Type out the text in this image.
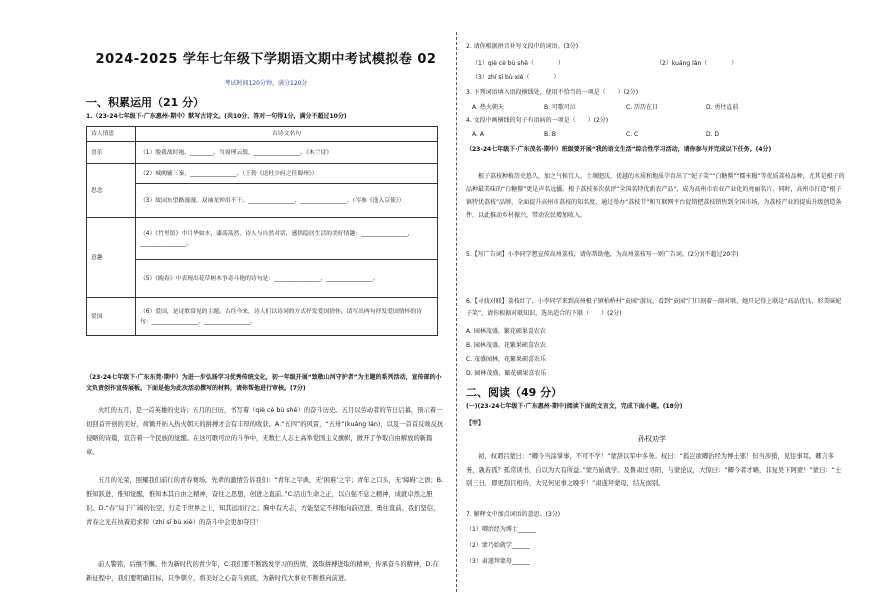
2024-2025 学年七年级下学期语文期中考试模拟卷 02
考试时间120分钟，满分120分
一、积累运用（21 分）
1.（23-24七年级下·广东惠州·期中）默写古诗文。(共10分，答对一句得1分，满分不超过10分)
诗人情思	古诗文名句
喜乐	（1）脱我战时袍，________。当窗理云鬓，________________。《木兰诗》
思念	（2）城阙辅三秦，________________。（王勃《送杜少府之任蜀州》）
	（3）故园东望路漫漫，双袖龙钟泪不干。________________，________________。（岑参《逢入京使》）
意趣	（4）《竹里馆》中月华如水，漆荡荡然，诗人与自然对话，感悟隐居生活的美好情趣：________________，________________。
	（5）《晚春》中表现出花草树木争奇斗艳的诗句是：________________，________________。
爱国	（6）爱国，是诗歌常见的主题。古往今来，诗人们以诗词的方式抒发爱国情怀。请写出两句抒发爱国情怀的诗句：________________，________________。
（23-24七年级下·广东东莞·期中）为进一步弘扬学习优秀传统文化，初一年级开展“致敬山河守护者”为主题的系列活动，宣传部的小文负责创作宣传展板。下面是他为此次活动撰写的材料，请你帮他进行审核。(7分)
火红的五月，是一首英雄的史诗；五月的日历，书写着（qiè cè bù shě）的奋斗历史。五月以劳动者的节日启幕，预示着一切回首开创的美好，荷锄开拓入热火朝天的拼搏才会有丰厚的收获。A.“五四”的风雷，“五卅”(kuáng lán)，以及一首首反映反抗侵略的诗篇，宣告着一个民族的觉醒。在这可歌可泣的斗争中，无数仁人志士高举爱国主义旗帜，掀开了争取自由解放的新篇章。
五月的光荣，照耀我们前行的青春赛场。先辈的激情告诉我们：“青年之字典，无‘困难’之字；青年之口头，无‘障碍’之语；B.惟知跃进，惟知觉醒，惟知本其自由之精神，奋往之思想，创进之直前。”C.活出生命之正，以自强不息之精神，成就卓然之胆识。D.“春”局于广阔的长空，行走于世界之上，知其远而行之；胸中有大志，方能坚定不移地向前迈进，勇往直前。我们坚信，青春之光在执着追求和（zhí sī bù xiè）的奋斗中会更加夺目！
前人警铭，后继不懈。作为新时代的青少年，C.我们要不断践发学习的热情，汲取拼搏进取的精神，传承奋斗的精神，D.在新征程中，我们要明确目标，只争朝夕，将美好之心奋斗到底，为新时代大事业不断推向前进。
2. 请你根据拼音补写文段中的词语。(3分)
（1）qiè cè bù shě（　　　　）	（2）kuáng lán（　　　　）
（3）zhí sī bù xiè（　　　　）
3. 下列词语填入语段横线处，使用不恰当的一项是（　　）(2分)
A. 热火朝天	B. 可歌可泣	C. 历历在目	D. 勇往直前
4. 文段中画横线的句子有语病的一项是（　　）(2分)
A. A	B. B	C. C	D. D
（23-24七年级下·广东茂名·期中）班级要开展“我的语文生活”综合性学习活动，请你参与并完成以下任务。(4分)
根子荔枝种植历史悠久，加之气候宜人、土壤肥沃，优越的水质和地质孕育出了“妃子笑”“白糖罂”“糯米糍”等优质荔枝品种，尤其是根子的品种最美味的“白糖罂”更是声名远播。根子荔枝多次获评“全国名特优新农产品”，成为高州市农业产业化的亮丽名片。同时，高州市打造“根子镇特优荔枝”品牌，全面提升高州市荔枝的知名度，通过举办“荔枝节”和互联网平台促销把荔枝销售到全国市场，为荔枝产业的提质升级创造条件，以此推动乡村振兴，带动农民增加收入。
5.【写广告词】小李同学想宣传高州荔枝，请你帮助他，为高州荔枝写一则广告词。(2分)(不超过20字)
6.【寻找对联】荔枝红了，小李同学来到高州根子镇柏桥村“贡园”游玩，看到“贡园”门口刻着一副对联，她只记得上联是“高品优良，形美味妃子笑”，请你根据对联知识，选出适合的下联（　　）(2分)
A. 园林茂盛，繁花硕果喜农农
B. 园林茂盛，花繁果硕喜农农
C. 茂盛园林，花繁果硕喜农乐
D. 园林茂盛，繁花硕果喜农乐
二、阅读（49 分）
(一)(23-24七年级下·广东惠州·期中)阅读下面的文言文，完成下面小题。(18分)
【甲】
孙权劝学
初，权谓吕蒙曰：“卿今当涂掌事，不可不学！”蒙辞以军中多务。权曰：“孤岂欲卿治经为博士邪！但当涉猎，见往事耳。卿言多务，孰若孤？孤常读书，自以为大有所益。”蒙乃始就学。及鲁肃过寻阳，与蒙论议，大惊曰：“卿今者才略，非复吴下阿蒙！”蒙曰：“士别三日，即更刮目相待，大兄何见事之晚乎！”肃遂拜蒙母，结友而别。
7. 解释文中加点词语的意思。(3分)
（1）卿治经为博士______
（2）蒙乃始就学______
（3）肃遂拜蒙母______
